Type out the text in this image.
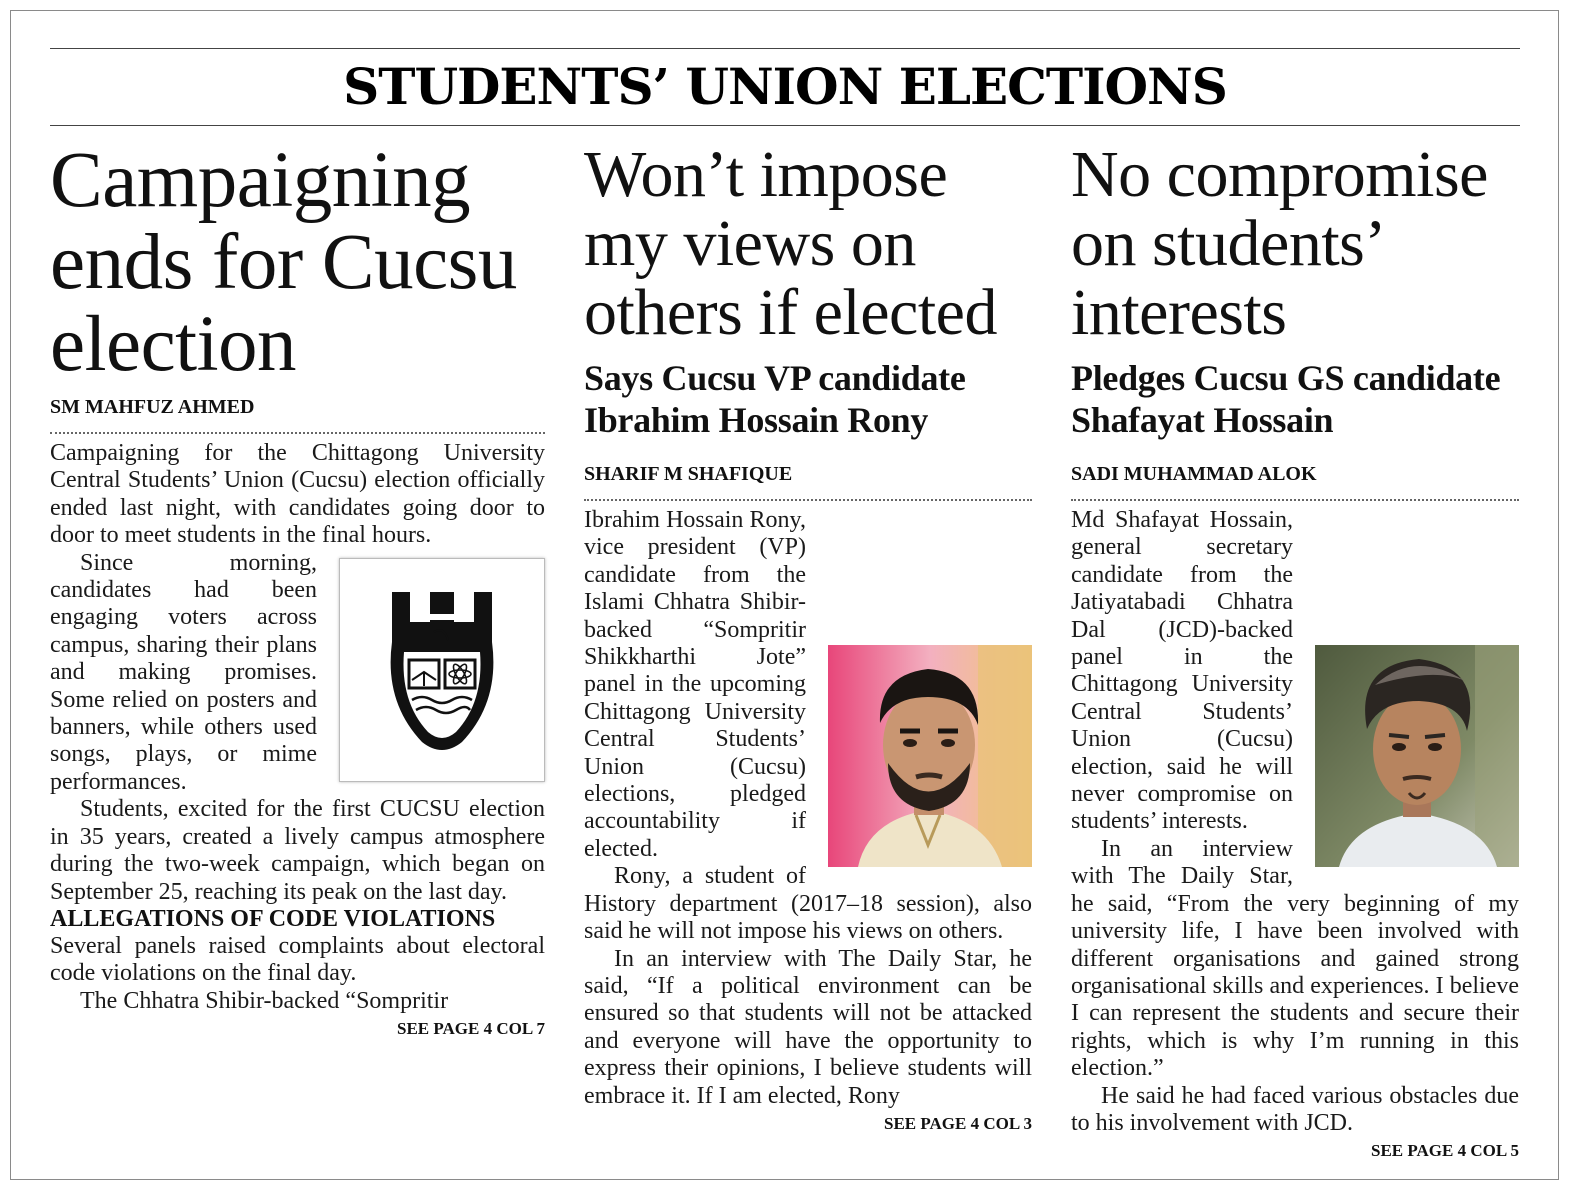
STUDENTS’ UNION ELECTIONS
Campaigning ends for Cucsu election
SM MAHFUZ AHMED

Campaigning for the Chittagong University Central Students’ Union (Cucsu) election officially ended last night, with candidates going door to door to meet students in the final hours.

Since morning, candidates had been engaging voters across campus, sharing their plans and making promises. Some relied on posters and banners, while others used songs, plays, or mime performances.

Students, excited for the first CUCSU election in 35 years, created a lively campus atmosphere during the two-week campaign, which began on September 25, reaching its peak on the last day.

ALLEGATIONS OF CODE VIOLATIONS

Several panels raised complaints about electoral code violations on the final day.

The Chhatra Shibir-backed “Sompritir

SEE PAGE 4 COL 7
Won’t impose my views on others if elected
Says Cucsu VP candidate Ibrahim Hossain Rony
SHARIF M SHAFIQUE

Ibrahim Hossain Rony, vice president (VP) candidate from the Islami Chhatra Shibir-backed “Sompritir Shikkharthi Jote” panel in the upcoming Chittagong University Central Students’ Union (Cucsu) elections, pledged accountability if elected.

Rony, a student of History department (2017–18 session), also said he will not impose his views on others.

In an interview with The Daily Star, he said, “If a political environment can be ensured so that students will not be attacked and everyone will have the opportunity to express their opinions, I believe students will embrace it. If I am elected, Rony

SEE PAGE 4 COL 3
No compromise on students’ interests
Pledges Cucsu GS candidate Shafayat Hossain
SADI MUHAMMAD ALOK

Md Shafayat Hossain, general secretary candidate from the Jatiyatabadi Chhatra Dal (JCD)-backed panel in the Chittagong University Central Students’ Union (Cucsu) election, said he will never compromise on students’ interests.

In an interview with The Daily Star, he said, “From the very beginning of my university life, I have been involved with different organisations and gained strong organisational skills and experiences. I believe I can represent the students and secure their rights, which is why I’m running in this election.”

He said he had faced various obstacles due to his involvement with JCD.

SEE PAGE 4 COL 5
